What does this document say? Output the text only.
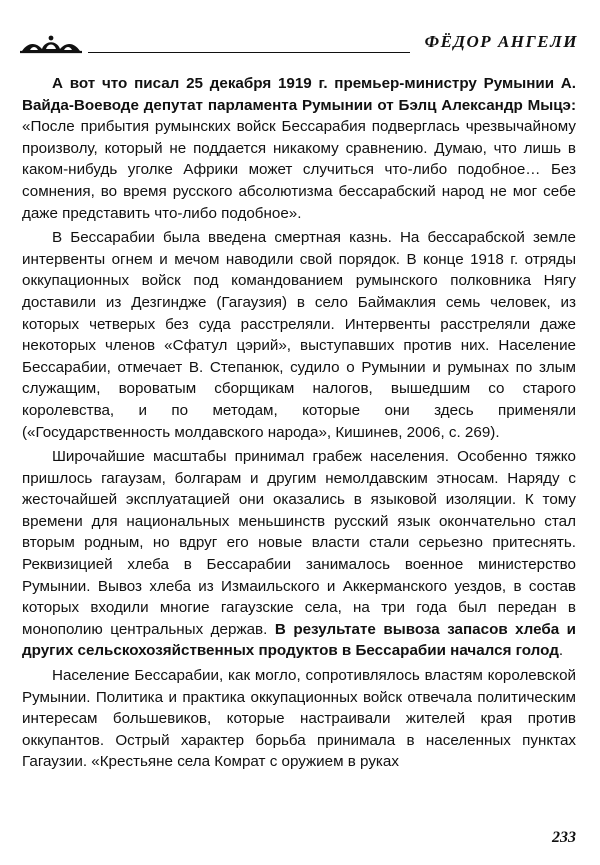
ФЁДОР АНГЕЛИ

А вот что писал 25 декабря 1919 г. премьер-министру Румынии А. Вайда-Воеводе депутат парламента Румынии от Бэлц Александр Мыцэ: «После прибытия румынских войск Бессарабия подверглась чрезвычайному произволу, который не поддается никакому сравнению. Думаю, что лишь в каком-нибудь уголке Африки может случиться что-либо подобное… Без сомнения, во время русского абсолютизма бессарабский народ не мог себе даже представить что-либо подобное».

В Бессарабии была введена смертная казнь. На бессарабской земле интервенты огнем и мечом наводили свой порядок. В конце 1918 г. отряды оккупационных войск под командованием румынского полковника Нягу доставили из Дезгиндже (Гагаузия) в село Баймаклия семь человек, из которых четверых без суда расстреляли. Интервенты расстреляли даже некоторых членов «Сфатул цэрий», выступавших против них. Население Бессарабии, отмечает В. Степанюк, судило о Румынии и румынах по злым служащим, вороватым сборщикам налогов, вышедшим со старого королевства, и по методам, которые они здесь применяли («Государственность молдавского народа», Кишинев, 2006, с. 269).

Широчайшие масштабы принимал грабеж населения. Особенно тяжко пришлось гагаузам, болгарам и другим немолдавским этносам. Наряду с жесточайшей эксплуатацией они оказались в языковой изоляции. К тому времени для национальных меньшинств русский язык окончательно стал вторым родным, но вдруг его новые власти стали серьезно притеснять. Реквизицией хлеба в Бессарабии занималось военное министерство Румынии. Вывоз хлеба из Измаильского и Аккерманского уездов, в состав которых входили многие гагаузские села, на три года был передан в монополию центральных держав. В результате вывоза запасов хлеба и других сельскохозяйственных продуктов в Бессарабии начался голод.

Население Бессарабии, как могло, сопротивлялось властям королевской Румынии. Политика и практика оккупационных войск отвечала политическим интересам большевиков, которые настраивали жителей края против оккупантов. Острый характер борьба принимала в населенных пунктах Гагаузии. «Крестьяне села Комрат с оружием в руках

233
